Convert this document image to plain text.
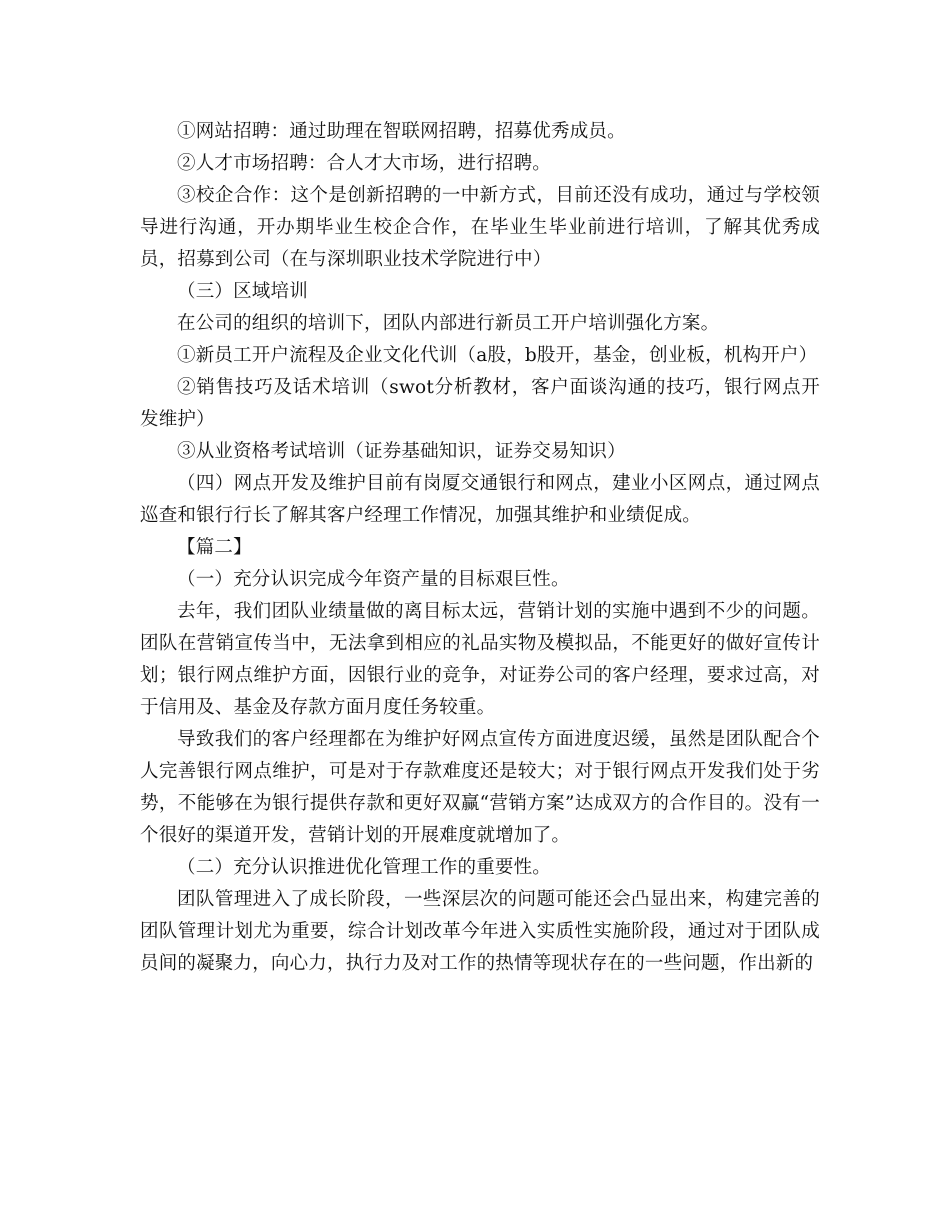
①网站招聘：通过助理在智联网招聘，招募优秀成员。

②人才市场招聘：合人才大市场，进行招聘。

③校企合作：这个是创新招聘的一中新方式，目前还没有成功，通过与学校领导进行沟通，开办期毕业生校企合作，在毕业生毕业前进行培训，了解其优秀成员，招募到公司（在与深圳职业技术学院进行中）

（三）区域培训

在公司的组织的培训下，团队内部进行新员工开户培训强化方案。

①新员工开户流程及企业文化代训（a股，b股开，基金，创业板，机构开户）

②销售技巧及话术培训（swot分析教材，客户面谈沟通的技巧，银行网点开发维护）

③从业资格考试培训（证券基础知识，证券交易知识）

（四）网点开发及维护目前有岗厦交通银行和网点，建业小区网点，通过网点巡查和银行行长了解其客户经理工作情况，加强其维护和业绩促成。

【篇二】

（一）充分认识完成今年资产量的目标艰巨性。

去年，我们团队业绩量做的离目标太远，营销计划的实施中遇到不少的问题。团队在营销宣传当中，无法拿到相应的礼品实物及模拟品，不能更好的做好宣传计划；银行网点维护方面，因银行业的竞争，对证券公司的客户经理，要求过高，对于信用及、基金及存款方面月度任务较重。

导致我们的客户经理都在为维护好网点宣传方面进度迟缓，虽然是团队配合个人完善银行网点维护，可是对于存款难度还是较大；对于银行网点开发我们处于劣势，不能够在为银行提供存款和更好双赢“营销方案”达成双方的合作目的。没有一个很好的渠道开发，营销计划的开展难度就增加了。

（二）充分认识推进优化管理工作的重要性。

团队管理进入了成长阶段，一些深层次的问题可能还会凸显出来，构建完善的团队管理计划尤为重要，综合计划改革今年进入实质性实施阶段，通过对于团队成员间的凝聚力，向心力，执行力及对工作的热情等现状存在的一些问题，作出新的
